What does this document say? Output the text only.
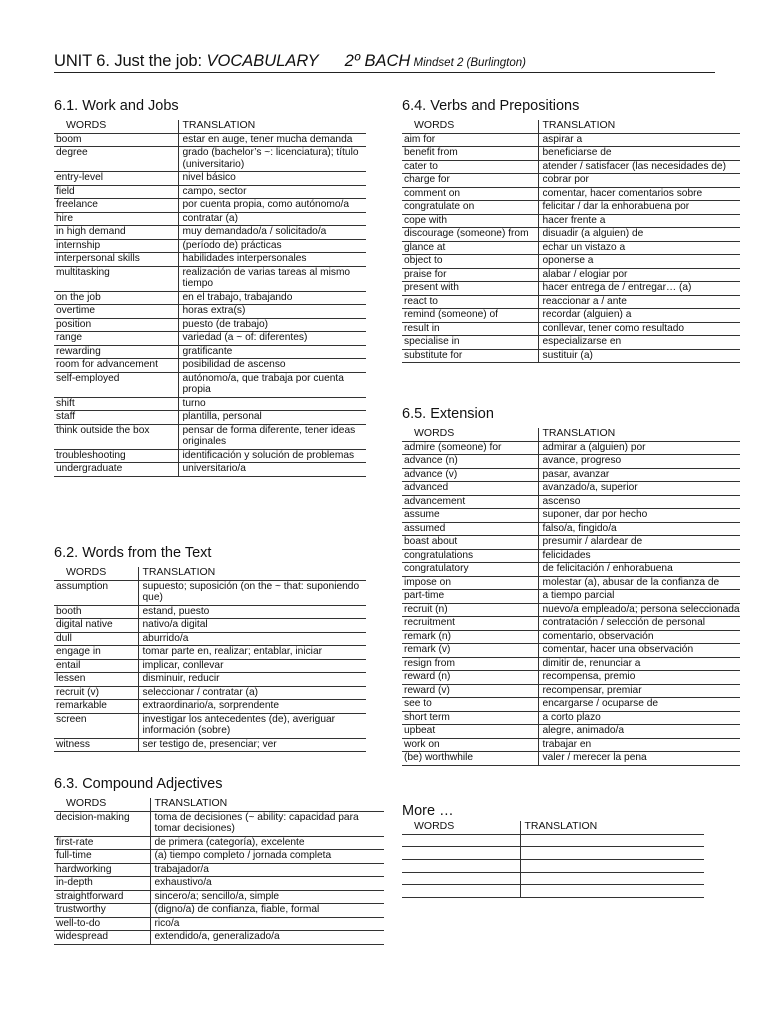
UNIT 6. Just the job: VOCABULARY 2º BACH Mindset 2 (Burlington)
6.1. Work and Jobs
WORDS	TRANSLATION
boom	estar en auge, tener mucha demanda
degree	grado (bachelor’s ~: licenciatura); título (universitario)
entry-level	nivel básico
field	campo, sector
freelance	por cuenta propia, como autónomo/a
hire	contratar (a)
in high demand	muy demandado/a / solicitado/a
internship	(período de) prácticas
interpersonal skills	habilidades interpersonales
multitasking	realización de varias tareas al mismo tiempo
on the job	en el trabajo, trabajando
overtime	horas extra(s)
position	puesto (de trabajo)
range	variedad (a ~ of: diferentes)
rewarding	gratificante
room for advancement	posibilidad de ascenso
self-employed	autónomo/a, que trabaja por cuenta propia
shift	turno
staff	plantilla, personal
think outside the box	pensar de forma diferente, tener ideas originales
troubleshooting	identificación y solución de problemas
undergraduate	universitario/a
6.2. Words from the Text
WORDS	TRANSLATION
assumption	supuesto; suposición (on the ~ that: suponiendo que)
booth	estand, puesto
digital native	nativo/a digital
dull	aburrido/a
engage in	tomar parte en, realizar; entablar, iniciar
entail	implicar, conllevar
lessen	disminuir, reducir
recruit (v)	seleccionar / contratar (a)
remarkable	extraordinario/a, sorprendente
screen	investigar los antecedentes (de), averiguar información (sobre)
witness	ser testigo de, presenciar; ver
6.3. Compound Adjectives
WORDS	TRANSLATION
decision-making	toma de decisiones (~ ability: capacidad para tomar decisiones)
first-rate	de primera (categoría), excelente
full-time	(a) tiempo completo / jornada completa
hardworking	trabajador/a
in-depth	exhaustivo/a
straightforward	sincero/a; sencillo/a, simple
trustworthy	(digno/a) de confianza, fiable, formal
well-to-do	rico/a
widespread	extendido/a, generalizado/a
6.4. Verbs and Prepositions
WORDS	TRANSLATION
aim for	aspirar a
benefit from	beneficiarse de
cater to	atender / satisfacer (las necesidades de)
charge for	cobrar por
comment on	comentar, hacer comentarios sobre
congratulate on	felicitar / dar la enhorabuena por
cope with	hacer frente a
discourage (someone) from	disuadir (a alguien) de
glance at	echar un vistazo a
object to	oponerse a
praise for	alabar / elogiar por
present with	hacer entrega de / entregar… (a)
react to	reaccionar a / ante
remind (someone) of	recordar (alguien) a
result in	conllevar, tener como resultado
specialise in	especializarse en
substitute for	sustituir (a)
6.5. Extension
WORDS	TRANSLATION
admire (someone) for	admirar a (alguien) por
advance (n)	avance, progreso
advance (v)	pasar, avanzar
advanced	avanzado/a, superior
advancement	ascenso
assume	suponer, dar por hecho
assumed	falso/a, fingido/a
boast about	presumir / alardear de
congratulations	felicidades
congratulatory	de felicitación / enhorabuena
impose on	molestar (a), abusar de la confianza de
part-time	a tiempo parcial
recruit (n)	nuevo/a empleado/a; persona seleccionada
recruitment	contratación / selección de personal
remark (n)	comentario, observación
remark (v)	comentar, hacer una observación
resign from	dimitir de, renunciar a
reward (n)	recompensa, premio
reward (v)	recompensar, premiar
see to	encargarse / ocuparse de
short term	a corto plazo
upbeat	alegre, animado/a
work on	trabajar en
(be) worthwhile	valer / merecer la pena
More …
WORDS	TRANSLATION
